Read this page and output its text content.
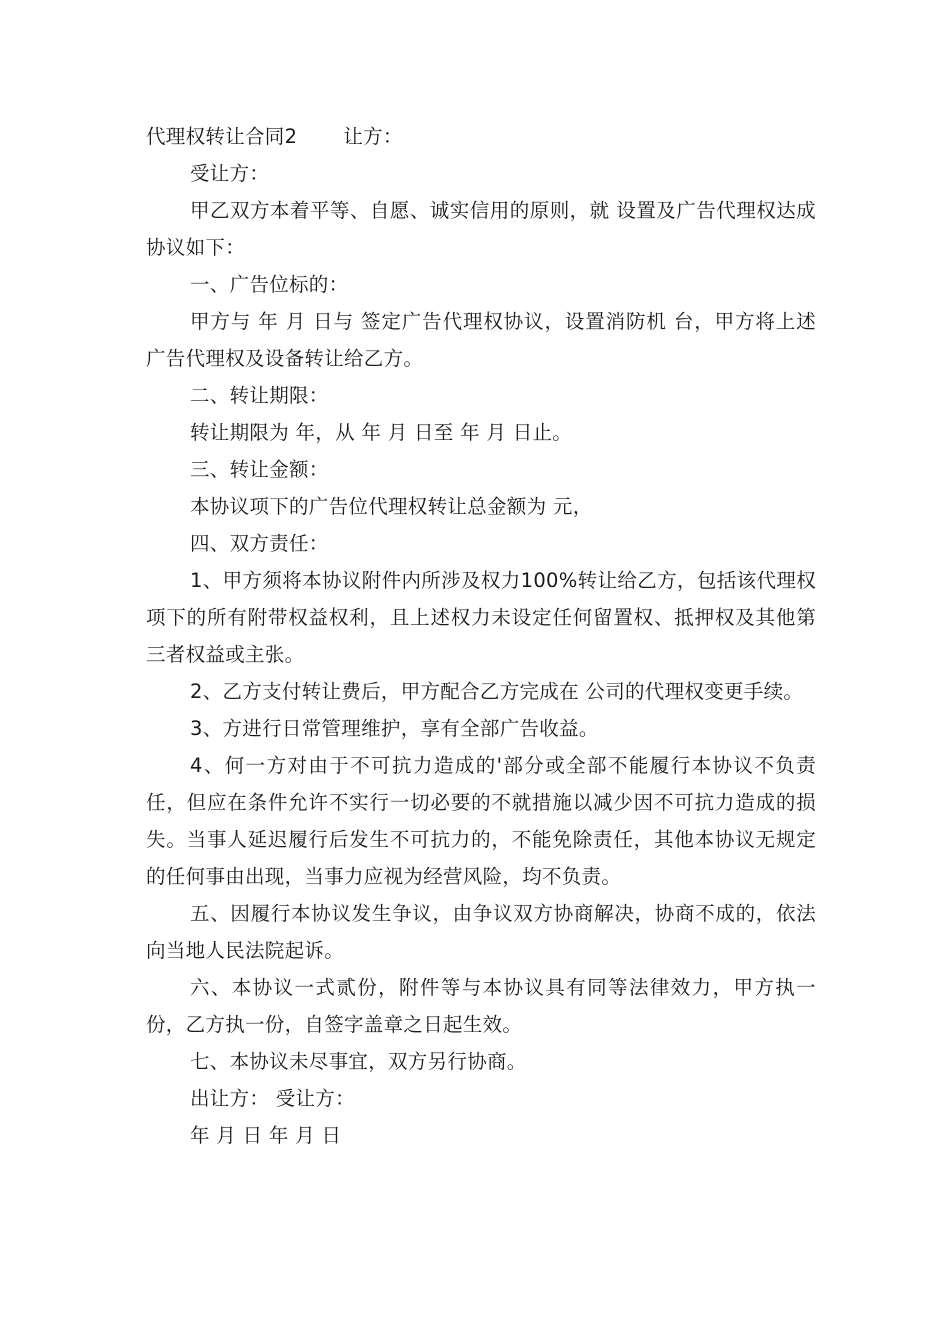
代理权转让合同2 让方：

受让方：

甲乙双方本着平等、自愿、诚实信用的原则，就 设置及广告代理权达成协议如下：

一、广告位标的：

甲方与 年 月 日与 签定广告代理权协议，设置消防机 台，甲方将上述广告代理权及设备转让给乙方。

二、转让期限：

转让期限为 年，从 年 月 日至 年 月 日止。

三、转让金额：

本协议项下的广告位代理权转让总金额为 元，

四、双方责任：

1、甲方须将本协议附件内所涉及权力100%转让给乙方，包括该代理权项下的所有附带权益权利，且上述权力未设定任何留置权、抵押权及其他第三者权益或主张。

2、乙方支付转让费后，甲方配合乙方完成在 公司的代理权变更手续。

3、方进行日常管理维护，享有全部广告收益。

4、何一方对由于不可抗力造成的'部分或全部不能履行本协议不负责任，但应在条件允许不实行一切必要的不就措施以减少因不可抗力造成的损失。当事人延迟履行后发生不可抗力的，不能免除责任，其他本协议无规定的任何事由出现，当事力应视为经营风险，均不负责。

五、因履行本协议发生争议，由争议双方协商解决，协商不成的，依法向当地人民法院起诉。

六、本协议一式贰份，附件等与本协议具有同等法律效力，甲方执一份，乙方执一份，自签字盖章之日起生效。

七、本协议未尽事宜，双方另行协商。

出让方： 受让方：

年 月 日 年 月 日
